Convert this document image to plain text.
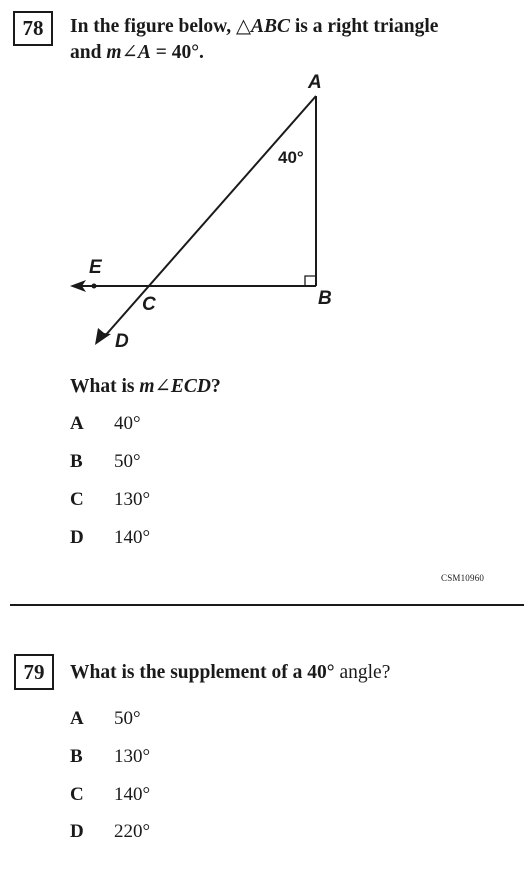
78	In the figure below, △ABC is a right triangle
and m∠A = 40°.
A
B
C
D
E
40°
What is m∠ECD?
A 40°
B 50°
C 130°
D 140°
CSM10960
79	What is the supplement of a 40° angle?
A 50°
B 130°
C 140°
D 220°
